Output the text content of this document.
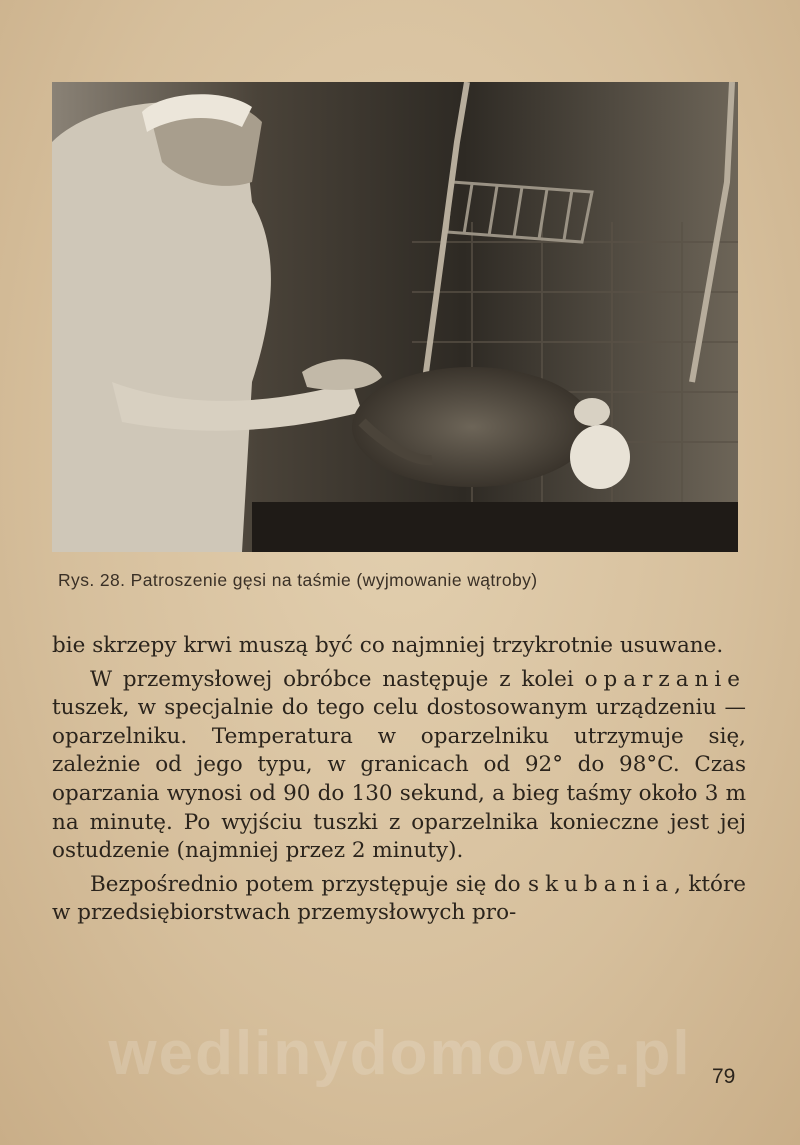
Rys. 28. Patroszenie gęsi na taśmie (wyjmowanie wątroby)

bie skrzepy krwi muszą być co najmniej trzykrotnie usuwane.

W przemysłowej obróbce następuje z kolei oparzanie tuszek, w specjalnie do tego celu dostosowanym urządzeniu — oparzelniku. Temperatura w oparzelniku utrzymuje się, zależnie od jego typu, w granicach od 92° do 98°C. Czas oparzania wynosi od 90 do 130 sekund, a bieg taśmy około 3 m na minutę. Po wyjściu tuszki z oparzelnika konieczne jest jej ostudzenie (najmniej przez 2 minuty).

Bezpośrednio potem przystępuje się do skubania, które w przedsiębiorstwach przemysłowych pro-

wedlinydomowe.pl 79
